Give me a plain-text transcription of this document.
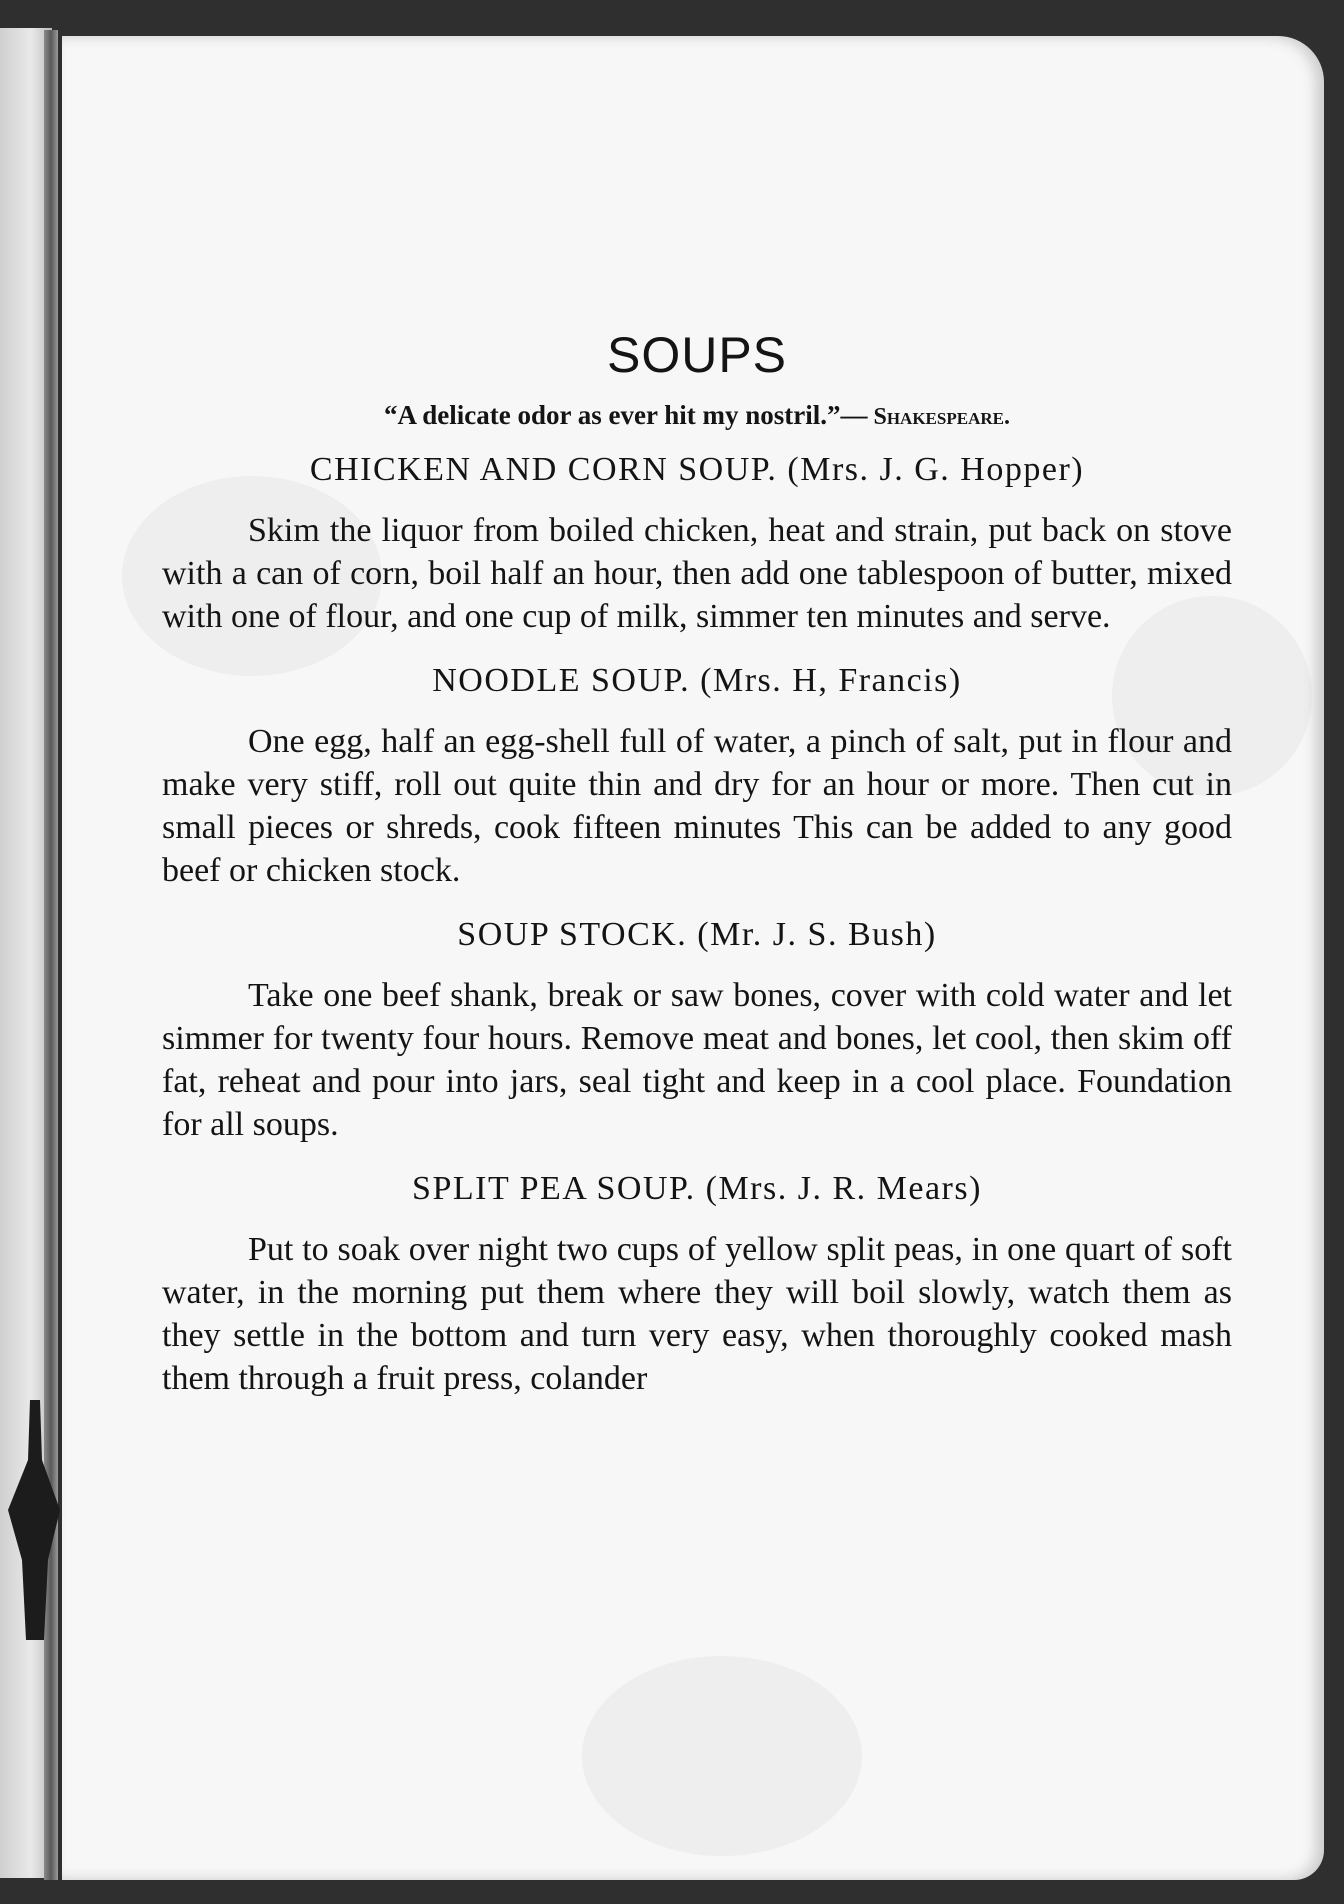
SOUPS

“A delicate odor as ever hit my nostril.”— Shakespeare.

CHICKEN AND CORN SOUP. (Mrs. J. G. Hopper)

Skim the liquor from boiled chicken, heat and strain, put back on stove with a can of corn, boil half an hour, then add one tablespoon of butter, mixed with one of flour, and one cup of milk, simmer ten minutes and serve.

NOODLE SOUP. (Mrs. H, Francis)

One egg, half an egg-shell full of water, a pinch of salt, put in flour and make very stiff, roll out quite thin and dry for an hour or more. Then cut in small pieces or shreds, cook fifteen minutes This can be added to any good beef or chicken stock.

SOUP STOCK. (Mr. J. S. Bush)

Take one beef shank, break or saw bones, cover with cold water and let simmer for twenty four hours. Remove meat and bones, let cool, then skim off fat, reheat and pour into jars, seal tight and keep in a cool place. Foundation for all soups.

SPLIT PEA SOUP. (Mrs. J. R. Mears)

Put to soak over night two cups of yellow split peas, in one quart of soft water, in the morning put them where they will boil slowly, watch them as they settle in the bottom and turn very easy, when thoroughly cooked mash them through a fruit press, colander
